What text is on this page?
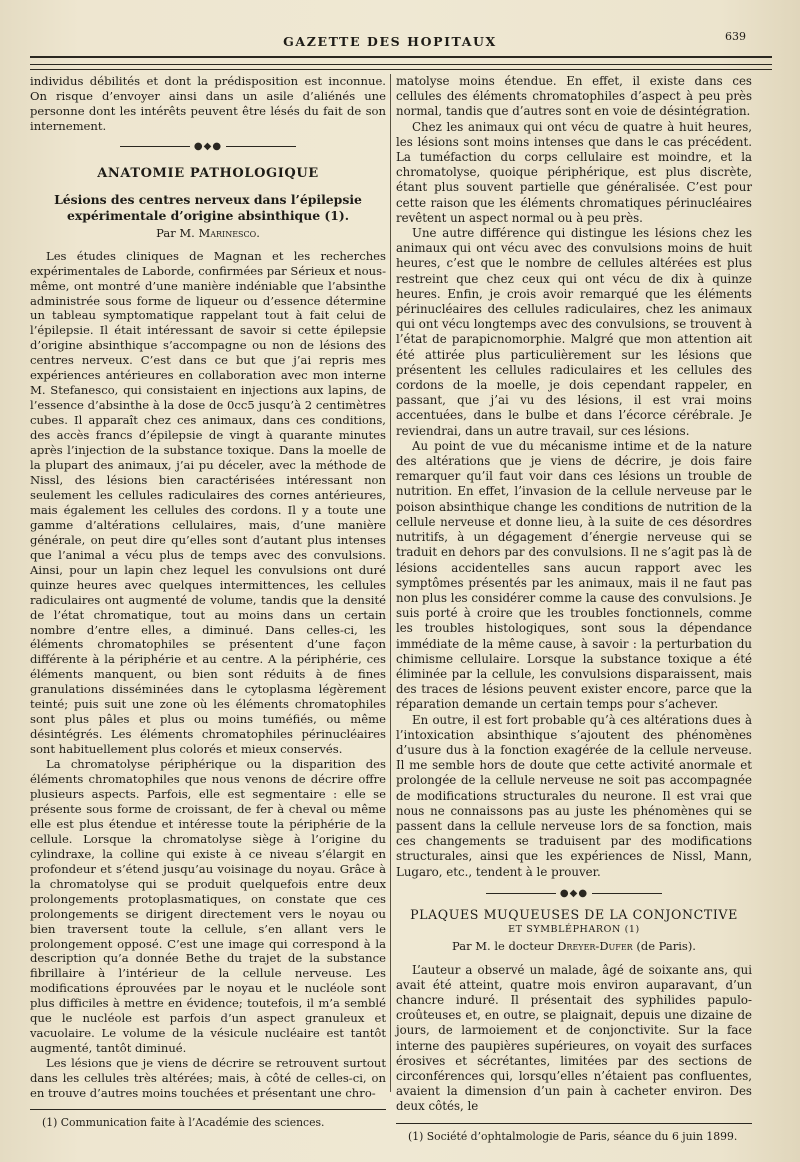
GAZETTE DES HOPITAUX	639

individus débilités et dont la prédisposition est inconnue. On risque d’envoyer ainsi dans un asile d’aliénés une personne dont les intérêts peuvent être lésés du fait de son internement.

●◆●
ANATOMIE PATHOLOGIQUE
Lésions des centres nerveux dans l’épilepsie expérimentale d’origine absinthique (1).
Par M. Marinesco.

Les études cliniques de Magnan et les recherches expérimentales de Laborde, confirmées par Sérieux et nous-même, ont montré d’une manière indéniable que l’absinthe administrée sous forme de liqueur ou d’essence détermine un tableau symptomatique rappelant tout à fait celui de l’épilepsie. Il était intéressant de savoir si cette épilepsie d’origine absinthique s’accompagne ou non de lésions des centres nerveux. C’est dans ce but que j’ai repris mes expériences antérieures en collaboration avec mon interne M. Stefanesco, qui consistaient en injections aux lapins, de l’essence d’absinthe à la dose de 0cc5 jusqu’à 2 centimètres cubes. Il apparaît chez ces animaux, dans ces conditions, des accès francs d’épilepsie de vingt à quarante minutes après l’injection de la substance toxique. Dans la moelle de la plupart des animaux, j’ai pu déceler, avec la méthode de Nissl, des lésions bien caractérisées intéressant non seulement les cellules radiculaires des cornes antérieures, mais également les cellules des cordons. Il y a toute une gamme d’altérations cellulaires, mais, d’une manière générale, on peut dire qu’elles sont d’autant plus intenses que l’animal a vécu plus de temps avec des convulsions. Ainsi, pour un lapin chez lequel les convulsions ont duré quinze heures avec quelques intermittences, les cellules radiculaires ont augmenté de volume, tandis que la densité de l’état chromatique, tout au moins dans un certain nombre d’entre elles, a diminué. Dans celles-ci, les éléments chromatophiles se présentent d’une façon différente à la périphérie et au centre. A la périphérie, ces éléments manquent, ou bien sont réduits à de fines granulations disséminées dans le cytoplasma légèrement teinté; puis suit une zone où les éléments chromatophiles sont plus pâles et plus ou moins tuméfiés, ou même désintégrés. Les éléments chromatophiles périnucléaires sont habituellement plus colorés et mieux conservés.

La chromatolyse périphérique ou la disparition des éléments chromatophiles que nous venons de décrire offre plusieurs aspects. Parfois, elle est segmentaire : elle se présente sous forme de croissant, de fer à cheval ou même elle est plus étendue et intéresse toute la périphérie de la cellule. Lorsque la chromatolyse siège à l’origine du cylindraxe, la colline qui existe à ce niveau s’élargit en profondeur et s’étend jusqu’au voisinage du noyau. Grâce à la chromatolyse qui se produit quelquefois entre deux prolongements protoplasmatiques, on constate que ces prolongements se dirigent directement vers le noyau ou bien traversent toute la cellule, s’en allant vers le prolongement opposé. C’est une image qui correspond à la description qu’a donnée Bethe du trajet de la substance fibrillaire à l’intérieur de la cellule nerveuse. Les modifications éprouvées par le noyau et le nucléole sont plus difficiles à mettre en évidence; toutefois, il m’a semblé que le nucléole est parfois d’un aspect granuleux et vacuolaire. Le volume de la vésicule nucléaire est tantôt augmenté, tantôt diminué.

Les lésions que je viens de décrire se retrouvent surtout dans les cellules très altérées; mais, à côté de celles-ci, on en trouve d’autres moins touchées et présentant une chro-

(1) Communication faite à l’Académie des sciences.

matolyse moins étendue. En effet, il existe dans ces cellules des éléments chromatophiles d’aspect à peu près normal, tandis que d’autres sont en voie de désintégration.

Chez les animaux qui ont vécu de quatre à huit heures, les lésions sont moins intenses que dans le cas précédent. La tuméfaction du corps cellulaire est moindre, et la chromatolyse, quoique périphérique, est plus discrète, étant plus souvent partielle que généralisée. C’est pour cette raison que les éléments chromatiques périnucléaires revêtent un aspect normal ou à peu près.

Une autre différence qui distingue les lésions chez les animaux qui ont vécu avec des convulsions moins de huit heures, c’est que le nombre de cellules altérées est plus restreint que chez ceux qui ont vécu de dix à quinze heures. Enfin, je crois avoir remarqué que les éléments périnucléaires des cellules radiculaires, chez les animaux qui ont vécu longtemps avec des convulsions, se trouvent à l’état de parapicnomorphie. Malgré que mon attention ait été attirée plus particulièrement sur les lésions que présentent les cellules radiculaires et les cellules des cordons de la moelle, je dois cependant rappeler, en passant, que j’ai vu des lésions, il est vrai moins accentuées, dans le bulbe et dans l’écorce cérébrale. Je reviendrai, dans un autre travail, sur ces lésions.

Au point de vue du mécanisme intime et de la nature des altérations que je viens de décrire, je dois faire remarquer qu’il faut voir dans ces lésions un trouble de nutrition. En effet, l’invasion de la cellule nerveuse par le poison absinthique change les conditions de nutrition de la cellule nerveuse et donne lieu, à la suite de ces désordres nutritifs, à un dégagement d’énergie nerveuse qui se traduit en dehors par des convulsions. Il ne s’agit pas là de lésions accidentelles sans aucun rapport avec les symptômes présentés par les animaux, mais il ne faut pas non plus les considérer comme la cause des convulsions. Je suis porté à croire que les troubles fonctionnels, comme les troubles histologiques, sont sous la dépendance immédiate de la même cause, à savoir : la perturbation du chimisme cellulaire. Lorsque la substance toxique a été éliminée par la cellule, les convulsions disparaissent, mais des traces de lésions peuvent exister encore, parce que la réparation demande un certain temps pour s’achever.

En outre, il est fort probable qu’à ces altérations dues à l’intoxication absinthique s’ajoutent des phénomènes d’usure dus à la fonction exagérée de la cellule nerveuse. Il me semble hors de doute que cette activité anormale et prolongée de la cellule nerveuse ne soit pas accompagnée de modifications structurales du neurone. Il est vrai que nous ne connaissons pas au juste les phénomènes qui se passent dans la cellule nerveuse lors de sa fonction, mais ces changements se traduisent par des modifications structurales, ainsi que les expériences de Nissl, Mann, Lugaro, etc., tendent à le prouver.

●◆●
PLAQUES MUQUEUSES DE LA CONJONCTIVE
ET SYMBLÉPHARON (1)
Par M. le docteur Dreyer-Dufer (de Paris).

L’auteur a observé un malade, âgé de soixante ans, qui avait été atteint, quatre mois environ auparavant, d’un chancre induré. Il présentait des syphilides papulo-croûteuses et, en outre, se plaignait, depuis une dizaine de jours, de larmoiement et de conjonctivite. Sur la face interne des paupières supérieures, on voyait des surfaces érosives et sécrétantes, limitées par des sections de circonférences qui, lorsqu’elles n’étaient pas confluentes, avaient la dimension d’un pain à cacheter environ. Des deux côtés, le

(1) Société d’ophtalmologie de Paris, séance du 6 juin 1899.
